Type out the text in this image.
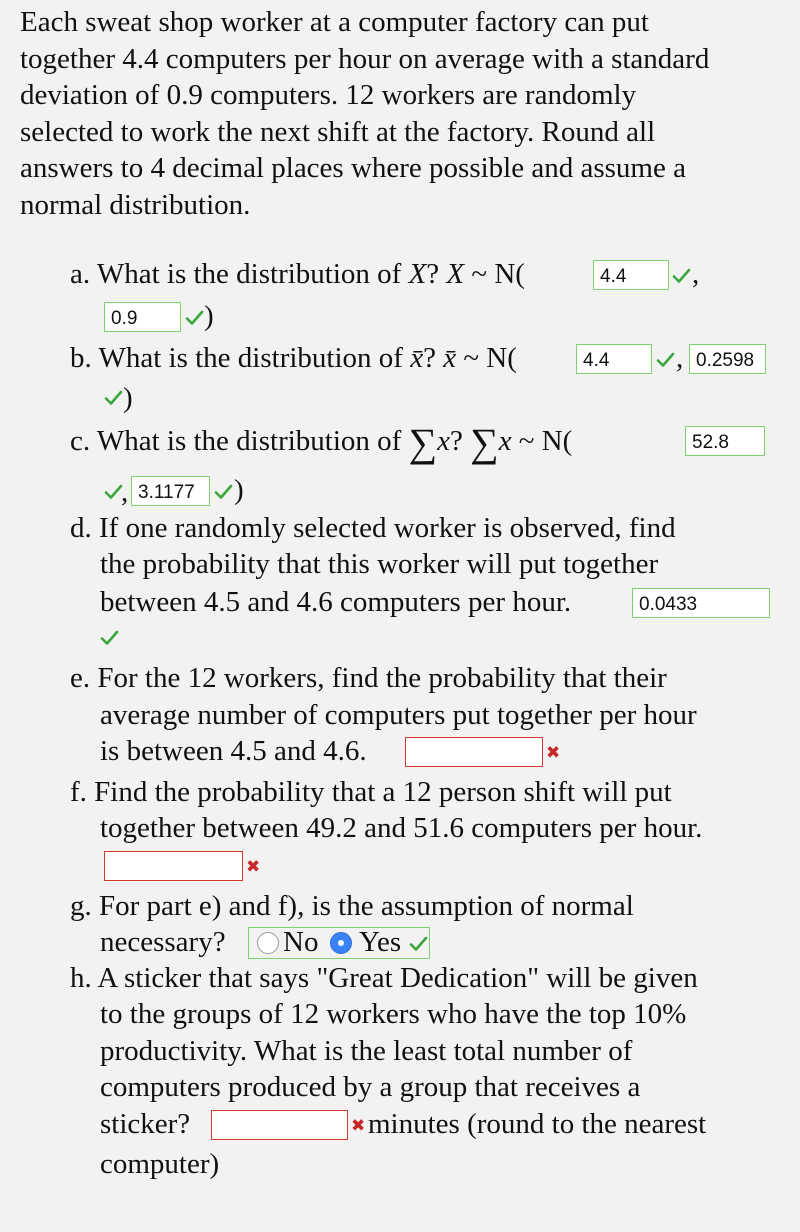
Each sweat shop worker at a computer factory can put
together 4.4 computers per hour on average with a standard
deviation of 0.9 computers. 12 workers are randomly
selected to work the next shift at the factory. Round all
answers to 4 decimal places where possible and assume a
normal distribution.
a. What is the distribution of X? X ~ N(	4.4	,
0.9	)
b. What is the distribution of x̄? x̄ ~ N(	4.4	, 0.2598
)
c. What is the distribution of ∑x? ∑x ~ N(	52.8
, 3.1177	)
d. If one randomly selected worker is observed, find
the probability that this worker will put together
between 4.5 and 4.6 computers per hour.	0.0433
e. For the 12 workers, find the probability that their
average number of computers put together per hour
is between 4.5 and 4.6.	✖
f. Find the probability that a 12 person shift will put
together between 49.2 and 51.6 computers per hour.
✖
g. For part e) and f), is the assumption of normal
necessary? No Yes
h. A sticker that says "Great Dedication" will be given
to the groups of 12 workers who have the top 10%
productivity. What is the least total number of
computers produced by a group that receives a
sticker?	✖ minutes (round to the nearest
computer)
